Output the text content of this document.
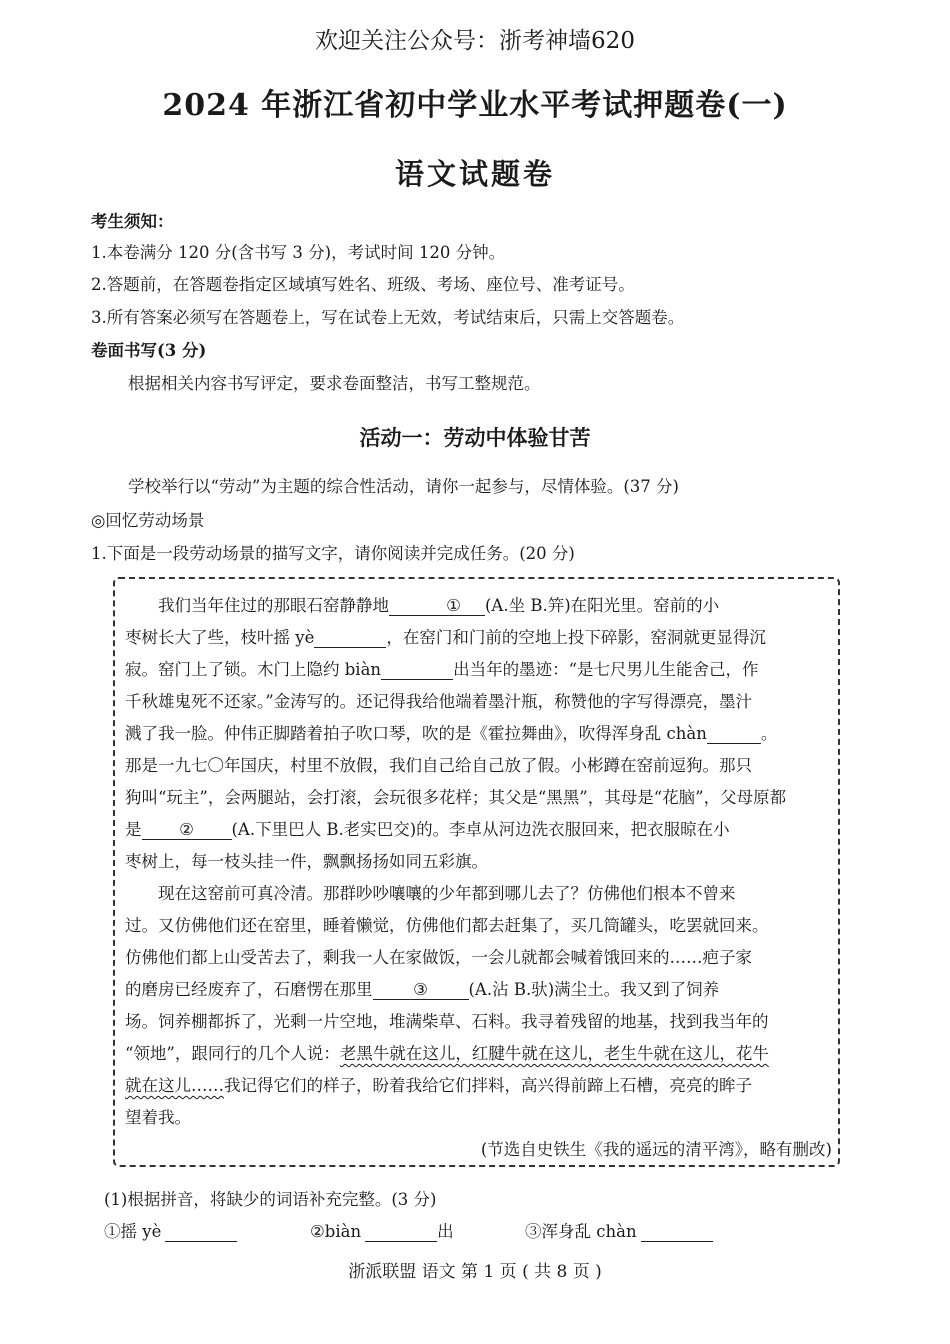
欢迎关注公众号：浙考神墙620
2024 年浙江省初中学业水平考试押题卷(一)
语文试题卷
考生须知：
1.本卷满分 120 分(含书写 3 分)，考试时间 120 分钟。
2.答题前，在答题卷指定区域填写姓名、班级、考场、座位号、准考证号。
3.所有答案必须写在答题卷上，写在试卷上无效，考试结束后，只需上交答题卷。
卷面书写(3 分)
根据相关内容书写评定，要求卷面整洁，书写工整规范。
活动一：劳动中体验甘苦
学校举行以“劳动”为主题的综合性活动，请你一起参与，尽情体验。(37 分)
◎回忆劳动场景
1.下面是一段劳动场景的描写文字，请你阅读并完成任务。(20 分)
我们当年住过的那眼石窑静静地	① (A.坐 B.笄)在阳光里。窑前的小
枣树长大了些，枝叶摇 yè	，在窑门和门前的空地上投下碎影，窑洞就更显得沉
寂。窑门上了锁。木门上隐约 biàn	出当年的墨迹：“是七尺男儿生能舍己，作
千秋雄鬼死不还家。”金涛写的。还记得我给他端着墨汁瓶，称赞他的字写得漂亮，墨汁
溅了我一脸。仲伟正脚踏着拍子吹口琴，吹的是《霍拉舞曲》，吹得浑身乱 chàn	。
那是一九七〇年国庆，村里不放假，我们自己给自己放了假。小彬蹲在窑前逗狗。那只
狗叫“玩主”，会两腿站，会打滚，会玩很多花样；其父是“黑黑”，其母是“花脑”，父母原都
是 ② (A.下里巴人 B.老实巴交)的。李卓从河边洗衣服回来，把衣服晾在小
枣树上，每一枝头挂一件，飘飘扬扬如同五彩旗。
现在这窑前可真冷清。那群吵吵嚷嚷的少年都到哪儿去了？仿佛他们根本不曾来
过。又仿佛他们还在窑里，睡着懒觉，仿佛他们都去赶集了，买几筒罐头，吃罢就回来。
仿佛他们都上山受苦去了，剩我一人在家做饭，一会儿就都会喊着饿回来的……疤子家
的磨房已经废弃了，石磨愣在那里 ③ (A.沾 B.驮)满尘土。我又到了饲养
场。饲养棚都拆了，光剩一片空地，堆满柴草、石料。我寻着残留的地基，找到我当年的
“领地”，跟同行的几个人说：老黑牛就在这儿，红腱牛就在这儿，老生牛就在这儿，花牛
就在这儿……我记得它们的样子，盼着我给它们拌料，高兴得前蹄上石槽，亮亮的眸子
望着我。
(节选自史铁生《我的遥远的清平湾》，略有删改)
(1)根据拼音，将缺少的词语补充完整。(3 分)
①摇 yè	②biàn	出	③浑身乱 chàn
浙派联盟 语文 第 1 页 ( 共 8 页 )
